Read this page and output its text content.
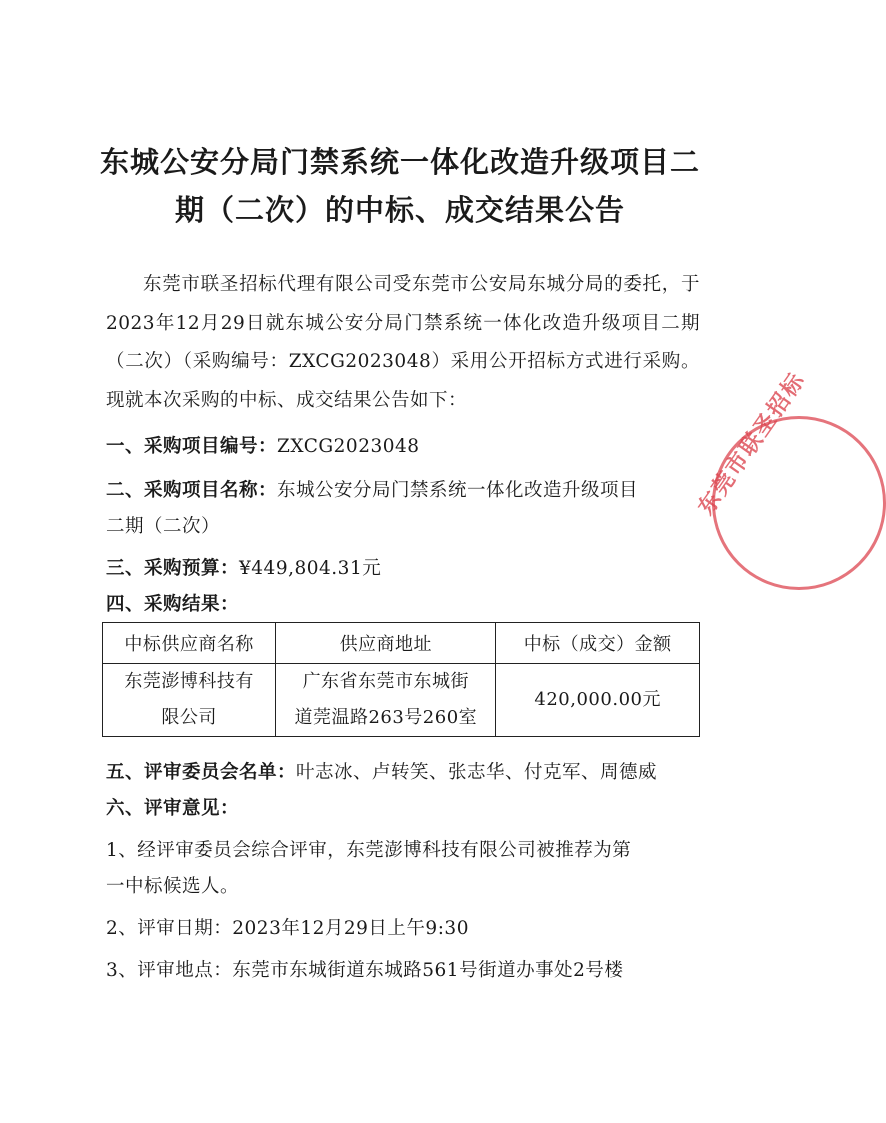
东城公安分局门禁系统一体化改造升级项目二
期（二次）的中标、成交结果公告
东莞市联圣招标代理有限公司受东莞市公安局东城分局的委托，于2023年12月29日就东城公安分局门禁系统一体化改造升级项目二期（二次）（采购编号：ZXCG2023048）采用公开招标方式进行采购。现就本次采购的中标、成交结果公告如下：
一、采购项目编号：ZXCG2023048
二、采购项目名称：东城公安分局门禁系统一体化改造升级项目
二期（二次）
三、采购预算：¥449,804.31元
四、采购结果：
中标供应商名称	供应商地址	中标（成交）金额
东莞澎博科技有	广东省东莞市东城街	420,000.00元
限公司	道莞温路263号260室	
五、评审委员会名单：叶志冰、卢转笑、张志华、付克军、周德威
六、评审意见：
1、经评审委员会综合评审，东莞澎博科技有限公司被推荐为第
一中标候选人。
2、评审日期：2023年12月29日上午9:30
3、评审地点：东莞市东城街道东城路561号街道办事处2号楼
东莞市联圣招标
